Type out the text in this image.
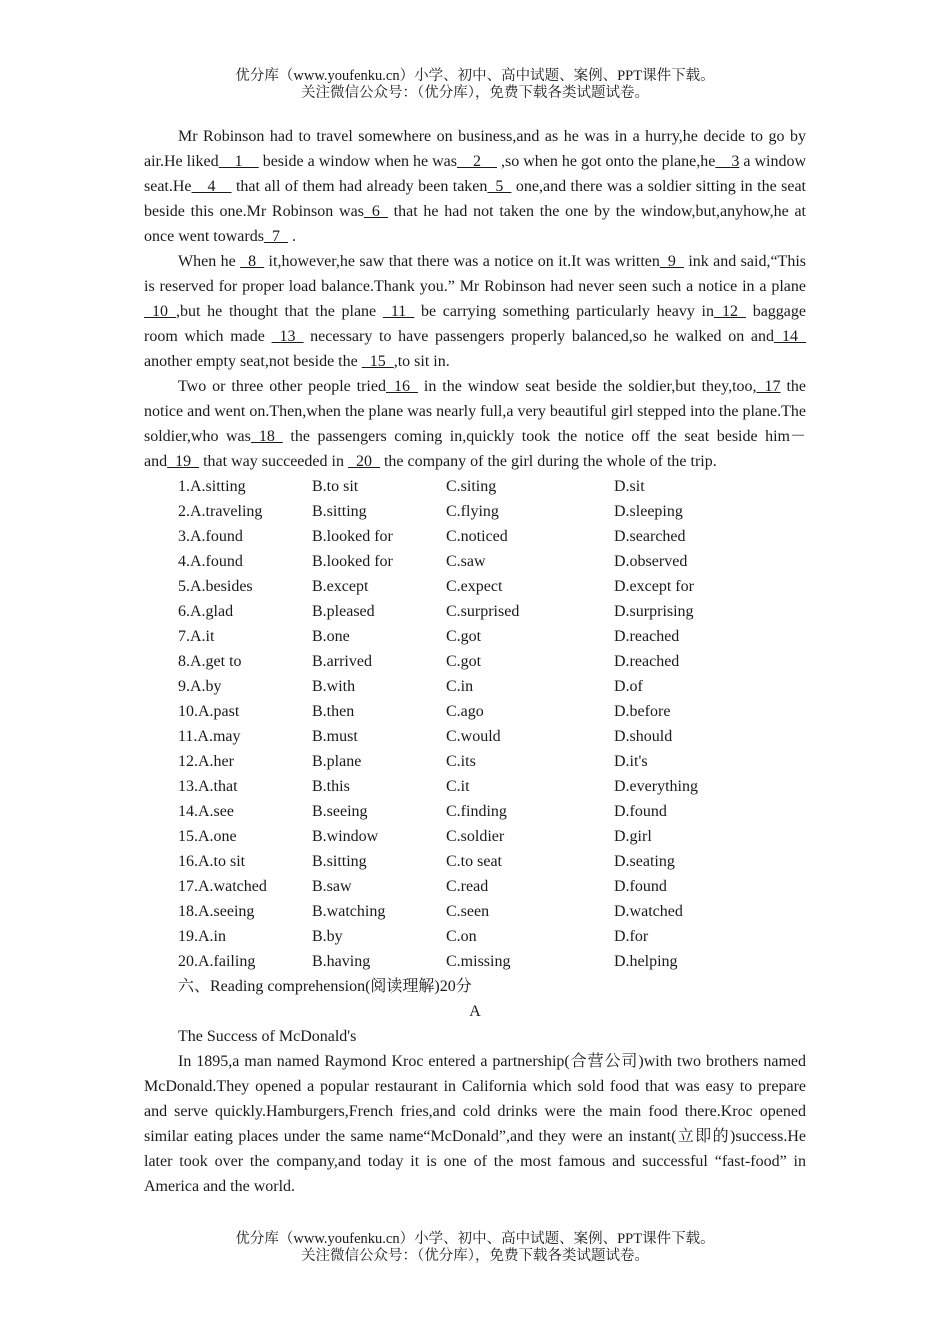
优分库（www.youfenku.cn）小学、初中、高中试题、案例、PPT课件下载。
关注微信公众号：（优分库），免费下载各类试题试卷。

Mr Robinson had to travel somewhere on business,and as he was in a hurry,he decide to go by air.He liked  1   beside a window when he was  2   ,so when he got onto the plane,he  3 a window seat.He  4   that all of them had already been taken 5  one,and there was a soldier sitting in the seat beside this one.Mr Robinson was 6  that he had not taken the one by the window,but,anyhow,he at once went towards 7  .

When he  8  it,however,he saw that there was a notice on it.It was written 9  ink and said,“This is reserved for proper load balance.Thank you.” Mr Robinson had never seen such a notice in a plane  10 ,but he thought that the plane  11  be carrying something particularly heavy in 12  baggage room which made  13  necessary to have passengers properly balanced,so he walked on and 14  another empty seat,not beside the  15 ,to sit in.

Two or three other people tried 16  in the window seat beside the soldier,but they,too, 17 the notice and went on.Then,when the plane was nearly full,a very beautiful girl stepped into the plane.The soldier,who was 18  the passengers coming in,quickly took the notice off the seat beside him－and 19  that way succeeded in  20  the company of the girl during the whole of the trip.

1.A.sitting	B.to sit	C.siting	D.sit
2.A.traveling	B.sitting	C.flying	D.sleeping
3.A.found	B.looked for	C.noticed	D.searched
4.A.found	B.looked for	C.saw	D.observed
5.A.besides	B.except	C.expect	D.except for
6.A.glad	B.pleased	C.surprised	D.surprising
7.A.it	B.one	C.got	D.reached
8.A.get to	B.arrived	C.got	D.reached
9.A.by	B.with	C.in	D.of
10.A.past	B.then	C.ago	D.before
11.A.may	B.must	C.would	D.should
12.A.her	B.plane	C.its	D.it's
13.A.that	B.this	C.it	D.everything
14.A.see	B.seeing	C.finding	D.found
15.A.one	B.window	C.soldier	D.girl
16.A.to sit	B.sitting	C.to seat	D.seating
17.A.watched	B.saw	C.read	D.found
18.A.seeing	B.watching	C.seen	D.watched
19.A.in	B.by	C.on	D.for
20.A.failing	B.having	C.missing	D.helping
六、Reading comprehension(阅读理解)20分
A
The Success of McDonald's

In 1895,a man named Raymond Kroc entered a partnership(合营公司)with two brothers named McDonald.They opened a popular restaurant in California which sold food that was easy to prepare and serve quickly.Hamburgers,French fries,and cold drinks were the main food there.Kroc opened similar eating places under the same name“McDonald”,and they were an instant(立即的)success.He later took over the company,and today it is one of the most famous and successful “fast-food” in America and the world.

优分库（www.youfenku.cn）小学、初中、高中试题、案例、PPT课件下载。
关注微信公众号：（优分库），免费下载各类试题试卷。
